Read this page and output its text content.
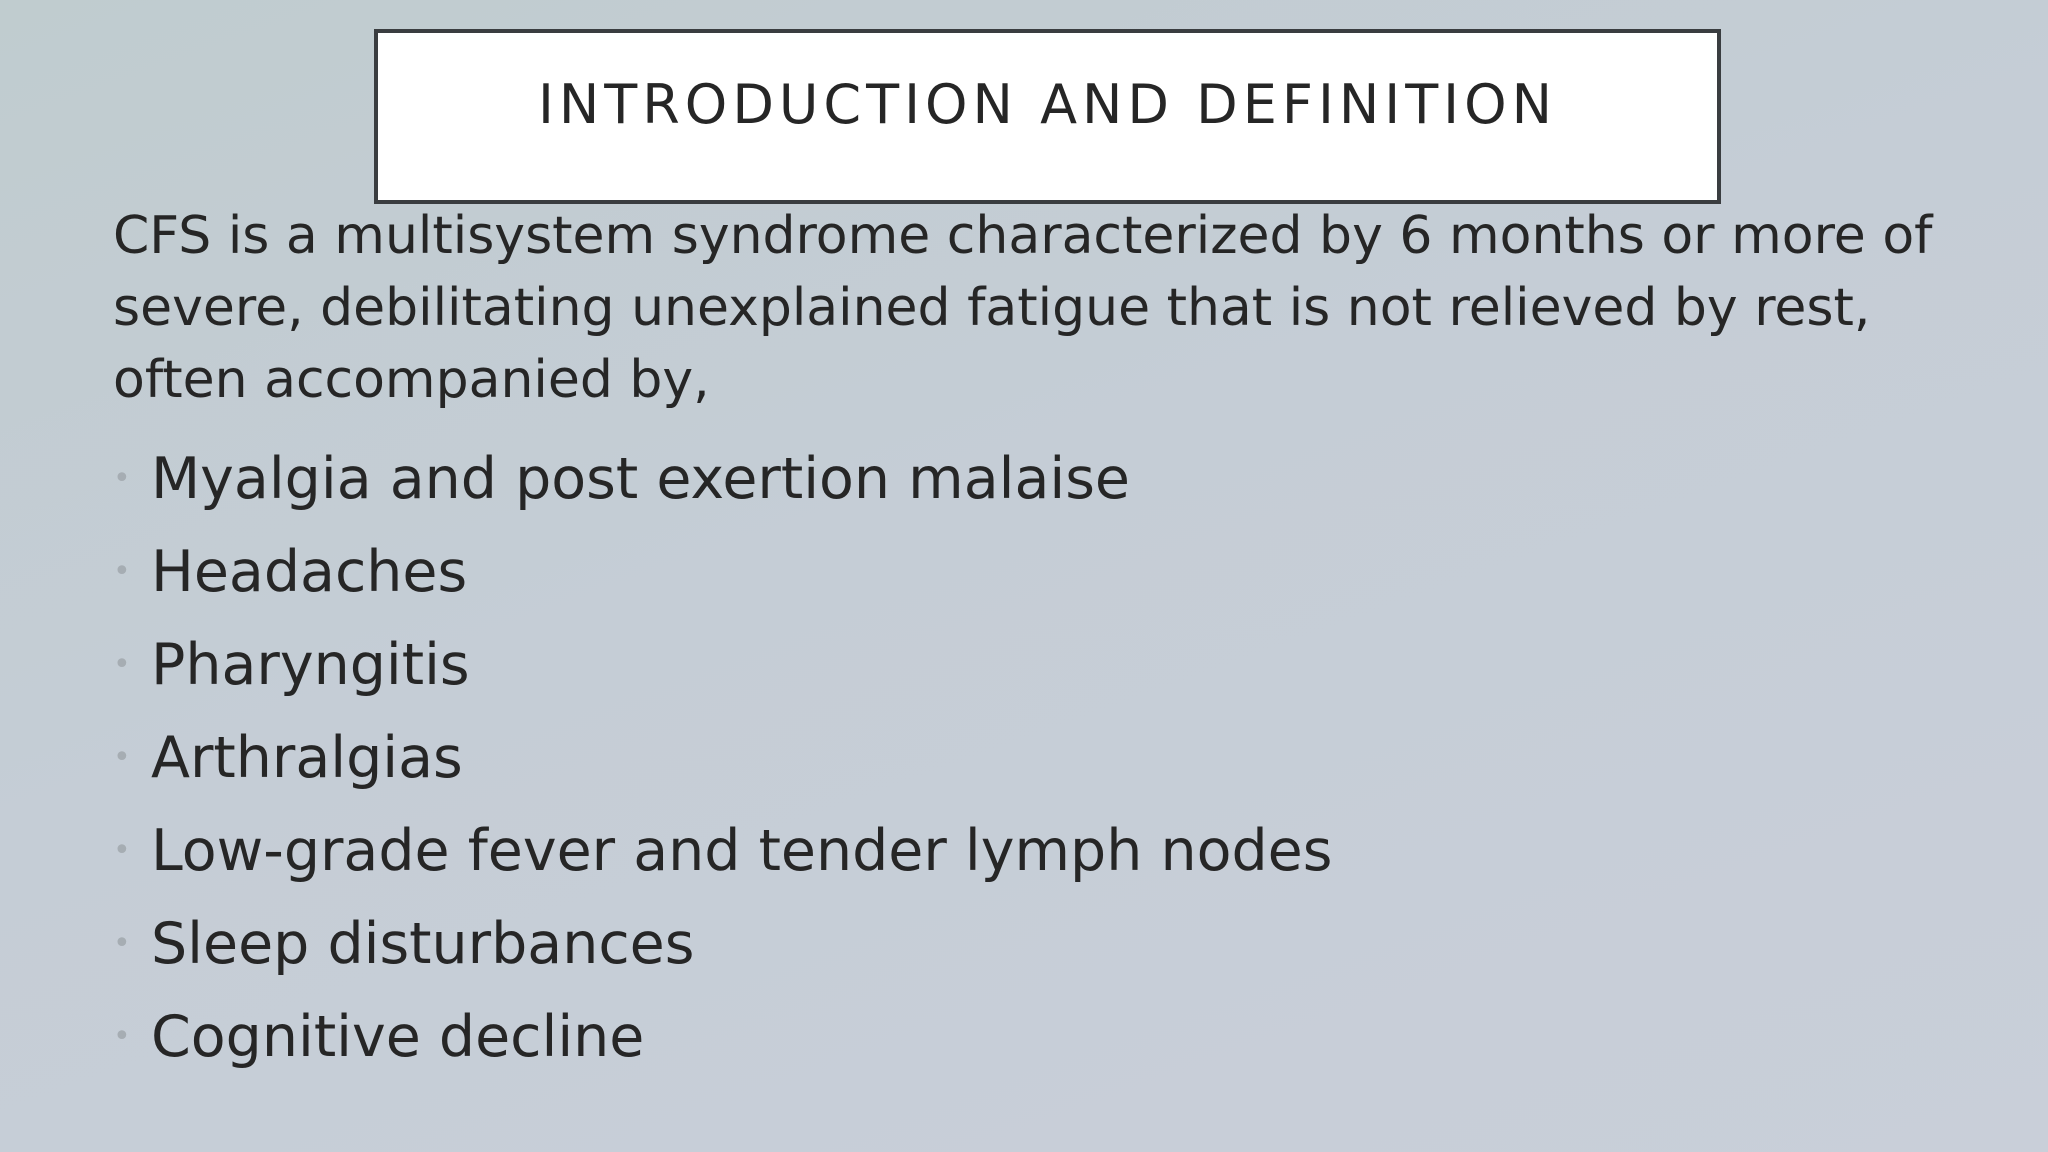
INTRODUCTION AND DEFINITION

CFS is a multisystem syndrome characterized by 6 months or more of severe, debilitating unexplained fatigue that is not relieved by rest, often accompanied by,

• Myalgia and post exertion malaise
• Headaches
• Pharyngitis
• Arthralgias
• Low-grade fever and tender lymph nodes
• Sleep disturbances
• Cognitive decline
